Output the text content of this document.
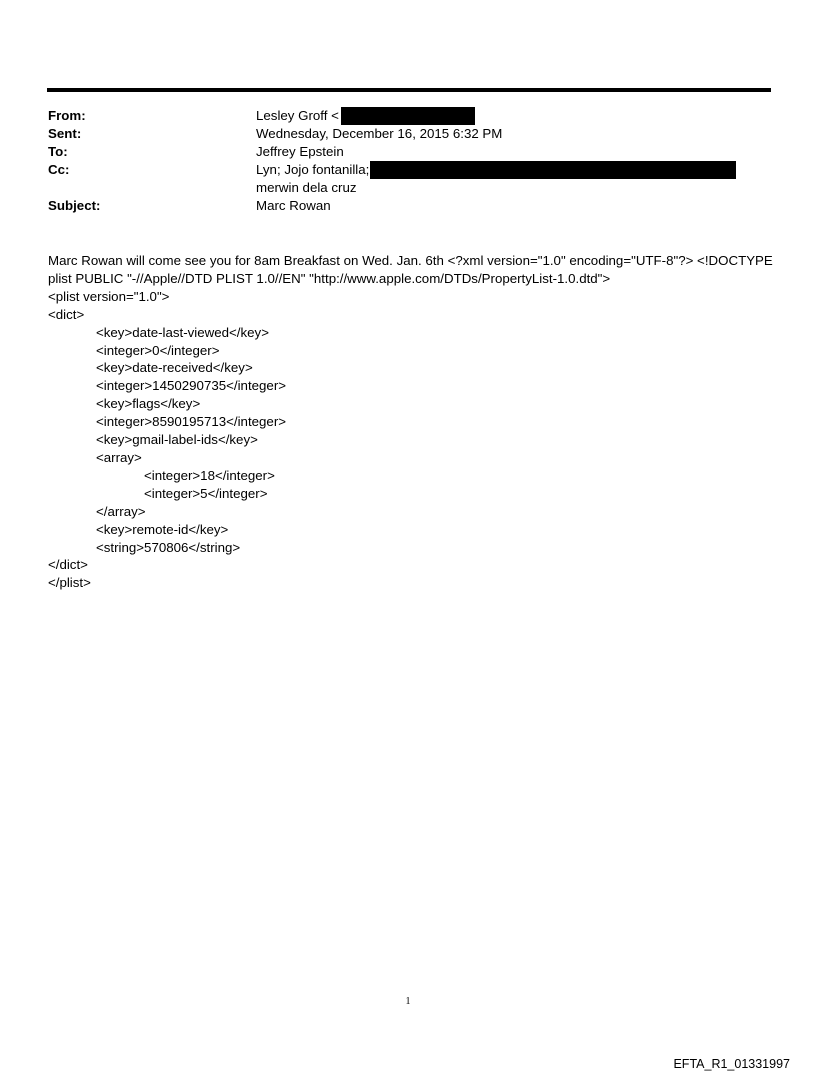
From:	Lesley Groff <
Sent:	Wednesday, December 16, 2015 6:32 PM
To:	Jeffrey Epstein
Cc:	Lyn; Jojo fontanilla;
merwin dela cruz
Subject:	Marc Rowan
Marc Rowan will come see you for 8am Breakfast on Wed. Jan. 6th <?xml version="1.0" encoding="UTF-8"?> <!DOCTYPE plist PUBLIC "-//Apple//DTD PLIST 1.0//EN" "http://www.apple.com/DTDs/PropertyList-1.0.dtd">
<plist version="1.0">
<dict>
<key>date-last-viewed</key>
<integer>0</integer>
<key>date-received</key>
<integer>1450290735</integer>
<key>flags</key>
<integer>8590195713</integer>
<key>gmail-label-ids</key>
<array>
<integer>18</integer>
<integer>5</integer>
</array>
<key>remote-id</key>
<string>570806</string>
</dict>
</plist>
1
EFTA_R1_01331997
